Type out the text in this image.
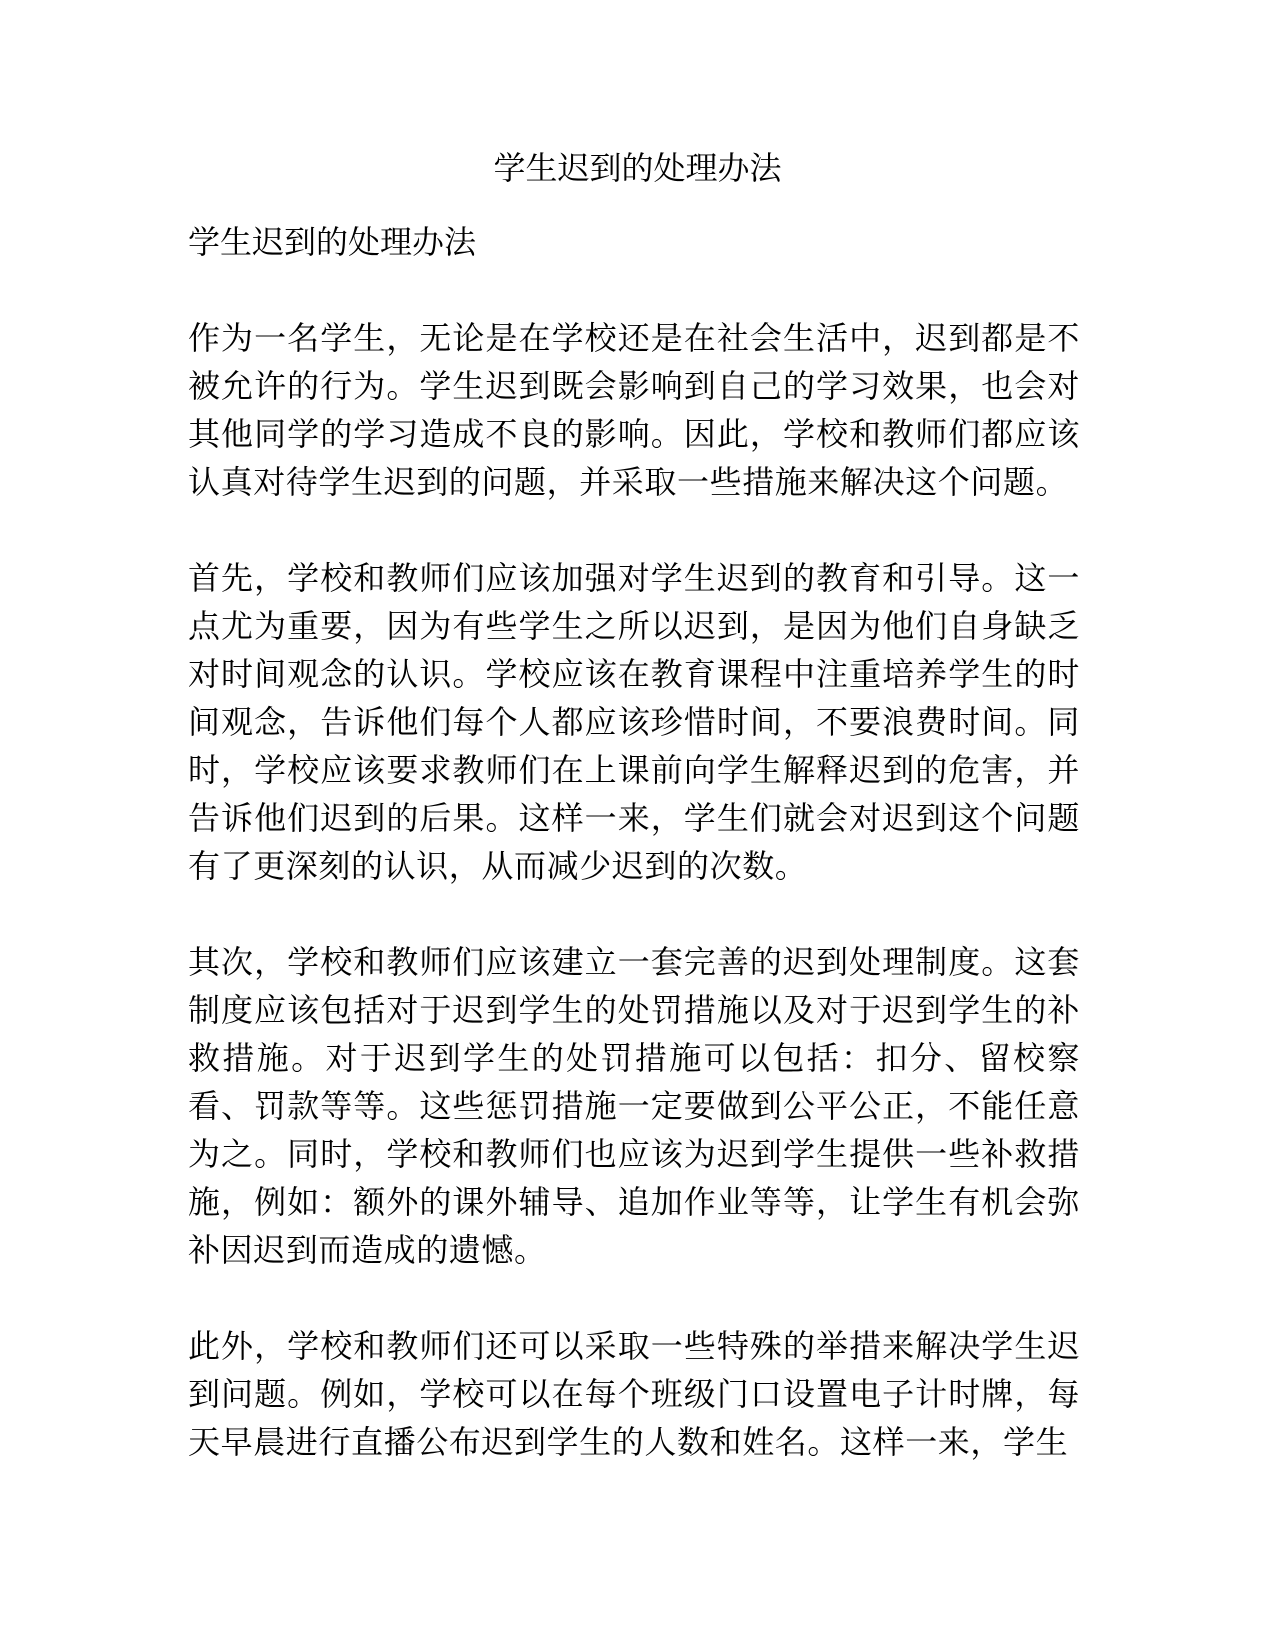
学生迟到的处理办法
学生迟到的处理办法

作为一名学生，无论是在学校还是在社会生活中，迟到都是不被允许的行为。学生迟到既会影响到自己的学习效果，也会对其他同学的学习造成不良的影响。因此，学校和教师们都应该认真对待学生迟到的问题，并采取一些措施来解决这个问题。

首先，学校和教师们应该加强对学生迟到的教育和引导。这一点尤为重要，因为有些学生之所以迟到，是因为他们自身缺乏对时间观念的认识。学校应该在教育课程中注重培养学生的时间观念，告诉他们每个人都应该珍惜时间，不要浪费时间。同时，学校应该要求教师们在上课前向学生解释迟到的危害，并告诉他们迟到的后果。这样一来，学生们就会对迟到这个问题有了更深刻的认识，从而减少迟到的次数。

其次，学校和教师们应该建立一套完善的迟到处理制度。这套制度应该包括对于迟到学生的处罚措施以及对于迟到学生的补救措施。对于迟到学生的处罚措施可以包括：扣分、留校察看、罚款等等。这些惩罚措施一定要做到公平公正，不能任意为之。同时，学校和教师们也应该为迟到学生提供一些补救措施，例如：额外的课外辅导、追加作业等等，让学生有机会弥补因迟到而造成的遗憾。

此外，学校和教师们还可以采取一些特殊的举措来解决学生迟到问题。例如，学校可以在每个班级门口设置电子计时牌，每天早晨进行直播公布迟到学生的人数和姓名。这样一来，学生
